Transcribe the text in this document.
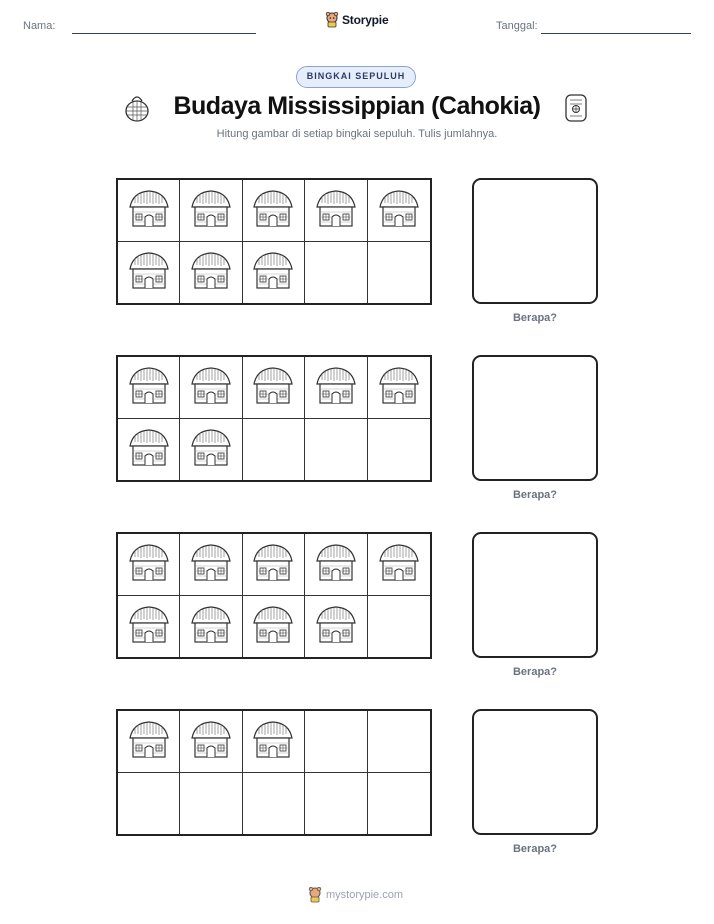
Nama:	Storypie	Tanggal:
BINGKAI SEPULUH
Budaya Mississippian (Cahokia)
Hitung gambar di setiap bingkai sepuluh. Tulis jumlahnya.
Berapa?
Berapa?
Berapa?
Berapa?
mystorypie.com
